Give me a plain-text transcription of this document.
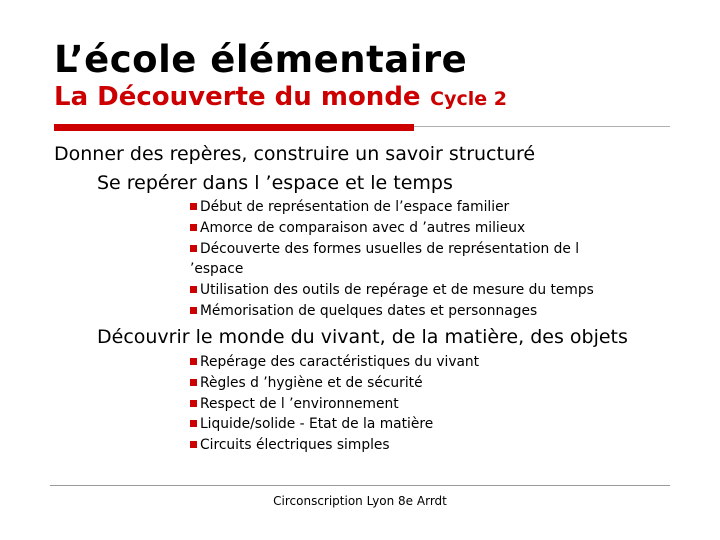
L’école élémentaire
La Découverte du monde Cycle 2
Donner des repères, construire un savoir structuré
Se repérer dans l ’espace et le temps
Début de représentation de l’espace familier
Amorce de comparaison avec d ’autres milieux
Découverte des formes usuelles de représentation de l ’espace
Utilisation des outils de repérage et de mesure du temps
Mémorisation de quelques dates et personnages
Découvrir le monde du vivant, de la matière, des objets
Repérage des caractéristiques du vivant
Règles d ’hygiène et de sécurité
Respect de l ’environnement
Liquide/solide - Etat de la matière
Circuits électriques simples
Circonscription Lyon 8e Arrdt
